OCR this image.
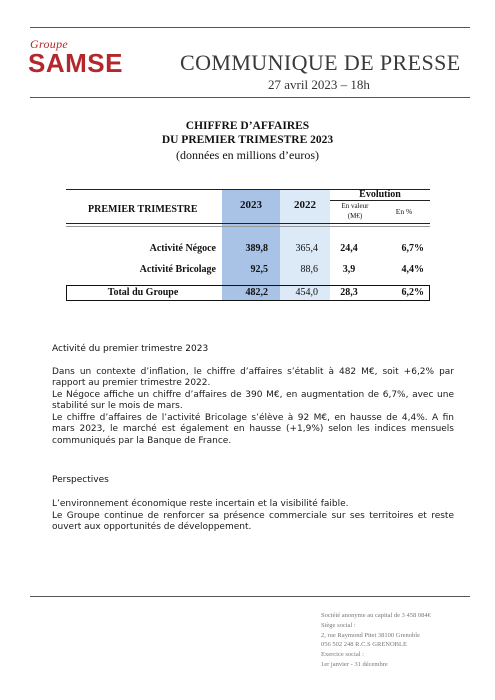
Groupe
SAMSE	COMMUNIQUE DE PRESSE
27 avril 2023 – 18h
CHIFFRE D’AFFAIRES
DU PREMIER TRIMESTRE 2023
(données en millions d’euros)
PREMIER TRIMESTRE	2023	2022
Evolution
En valeur
(M€)	En %
Activité Négoce	389,8	365,4	24,4	6,7%
Activité Bricolage	92,5	88,6	3,9	4,4%
Total du Groupe	482,2	454,0	28,3	6,2%
Activité du premier trimestre 2023
Dans un contexte d’inflation, le chiffre d’affaires s’établit à 482 M€, soit +6,2% par rapport au premier trimestre 2022.
Le Négoce affiche un chiffre d’affaires de 390 M€, en augmentation de 6,7%, avec une stabilité sur le mois de mars.
Le chiffre d’affaires de l’activité Bricolage s’élève à 92 M€, en hausse de 4,4%. A fin mars 2023, le marché est également en hausse (+1,9%) selon les indices mensuels communiqués par la Banque de France.
Perspectives
L’environnement économique reste incertain et la visibilité faible.
Le Groupe continue de renforcer sa présence commerciale sur ses territoires et reste ouvert aux opportunités de développement.
Société anonyme au capital de 3 458 084€
Siège social :
2, rue Raymond Pitet 38100 Grenoble
056 502 248 R.C.S GRENOBLE
Exercice social :
1er janvier - 31 décembre
